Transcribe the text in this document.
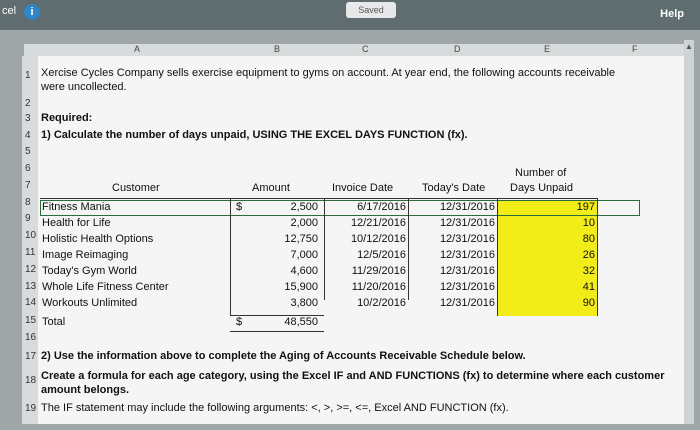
cel	i	Saved	Help
A	B	C	D	E	F	▲
1
2
3
4
5
6
7
8
9
10
11
12
13
14
15
16
17
18
19
Xercise Cycles Company sells exercise equipment to gyms on account. At year end, the following accounts receivable
were uncollected.
Required:
1) Calculate the number of days unpaid, USING THE EXCEL DAYS FUNCTION (fx).
2) Use the information above to complete the Aging of Accounts Receivable Schedule below.
Create a formula for each age category, using the Excel IF and AND FUNCTIONS (fx) to determine where each customer
amount belongs.
The IF statement may include the following arguments: <, >, >=, <=, Excel AND FUNCTION (fx).
Customer	Amount	Invoice Date	Today's Date
Number of
Days Unpaid
Fitness Mania	$	2,500	6/17/2016	12/31/2016	197
Health for Life	2,000	12/21/2016	12/31/2016	10
Holistic Health Options	12,750	10/12/2016	12/31/2016	80
Image Reimaging	7,000	12/5/2016	12/31/2016	26
Today's Gym World	4,600	11/29/2016	12/31/2016	32
Whole Life Fitness Center	15,900	11/20/2016	12/31/2016	41
Workouts Unlimited	3,800	10/2/2016	12/31/2016	90
Total	$	48,550
